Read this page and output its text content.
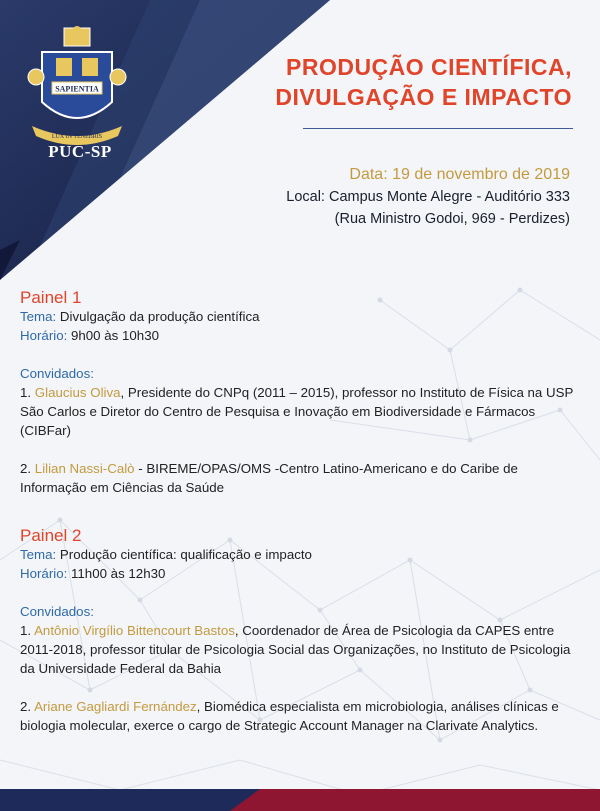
SAPIENTIA
LUX IN TENEBRIS
PUC-SP
PRODUÇÃO CIENTÍFICA,
DIVULGAÇÃO E IMPACTO
Data: 19 de novembro de 2019
Local: Campus Monte Alegre - Auditório 333
(Rua Ministro Godoi, 969 - Perdizes)

Painel 1

Tema: Divulgação da produção científica

Horário: 9h00 às 10h30

Convidados:

1. Glaucius Oliva, Presidente do CNPq (2011 – 2015), professor no Instituto de Física na USP São Carlos e Diretor do Centro de Pesquisa e Inovação em Biodiversidade e Fármacos (CIBFar)

2. Lilian Nassi-Calò - BIREME/OPAS/OMS -Centro Latino-Americano e do Caribe de Informação em Ciências da Saúde

Painel 2

Tema: Produção científica: qualificação e impacto

Horário: 11h00 às 12h30

Convidados:

1. Antônio Virgílio Bittencourt Bastos, Coordenador de Área de Psicologia da CAPES entre 2011-2018, professor titular de Psicologia Social das Organizações, no Instituto de Psicologia da Universidade Federal da Bahia

2. Ariane Gagliardi Fernández, Biomédica especialista em microbiologia, análises clínicas e biologia molecular, exerce o cargo de Strategic Account Manager na Clarivate Analytics.
